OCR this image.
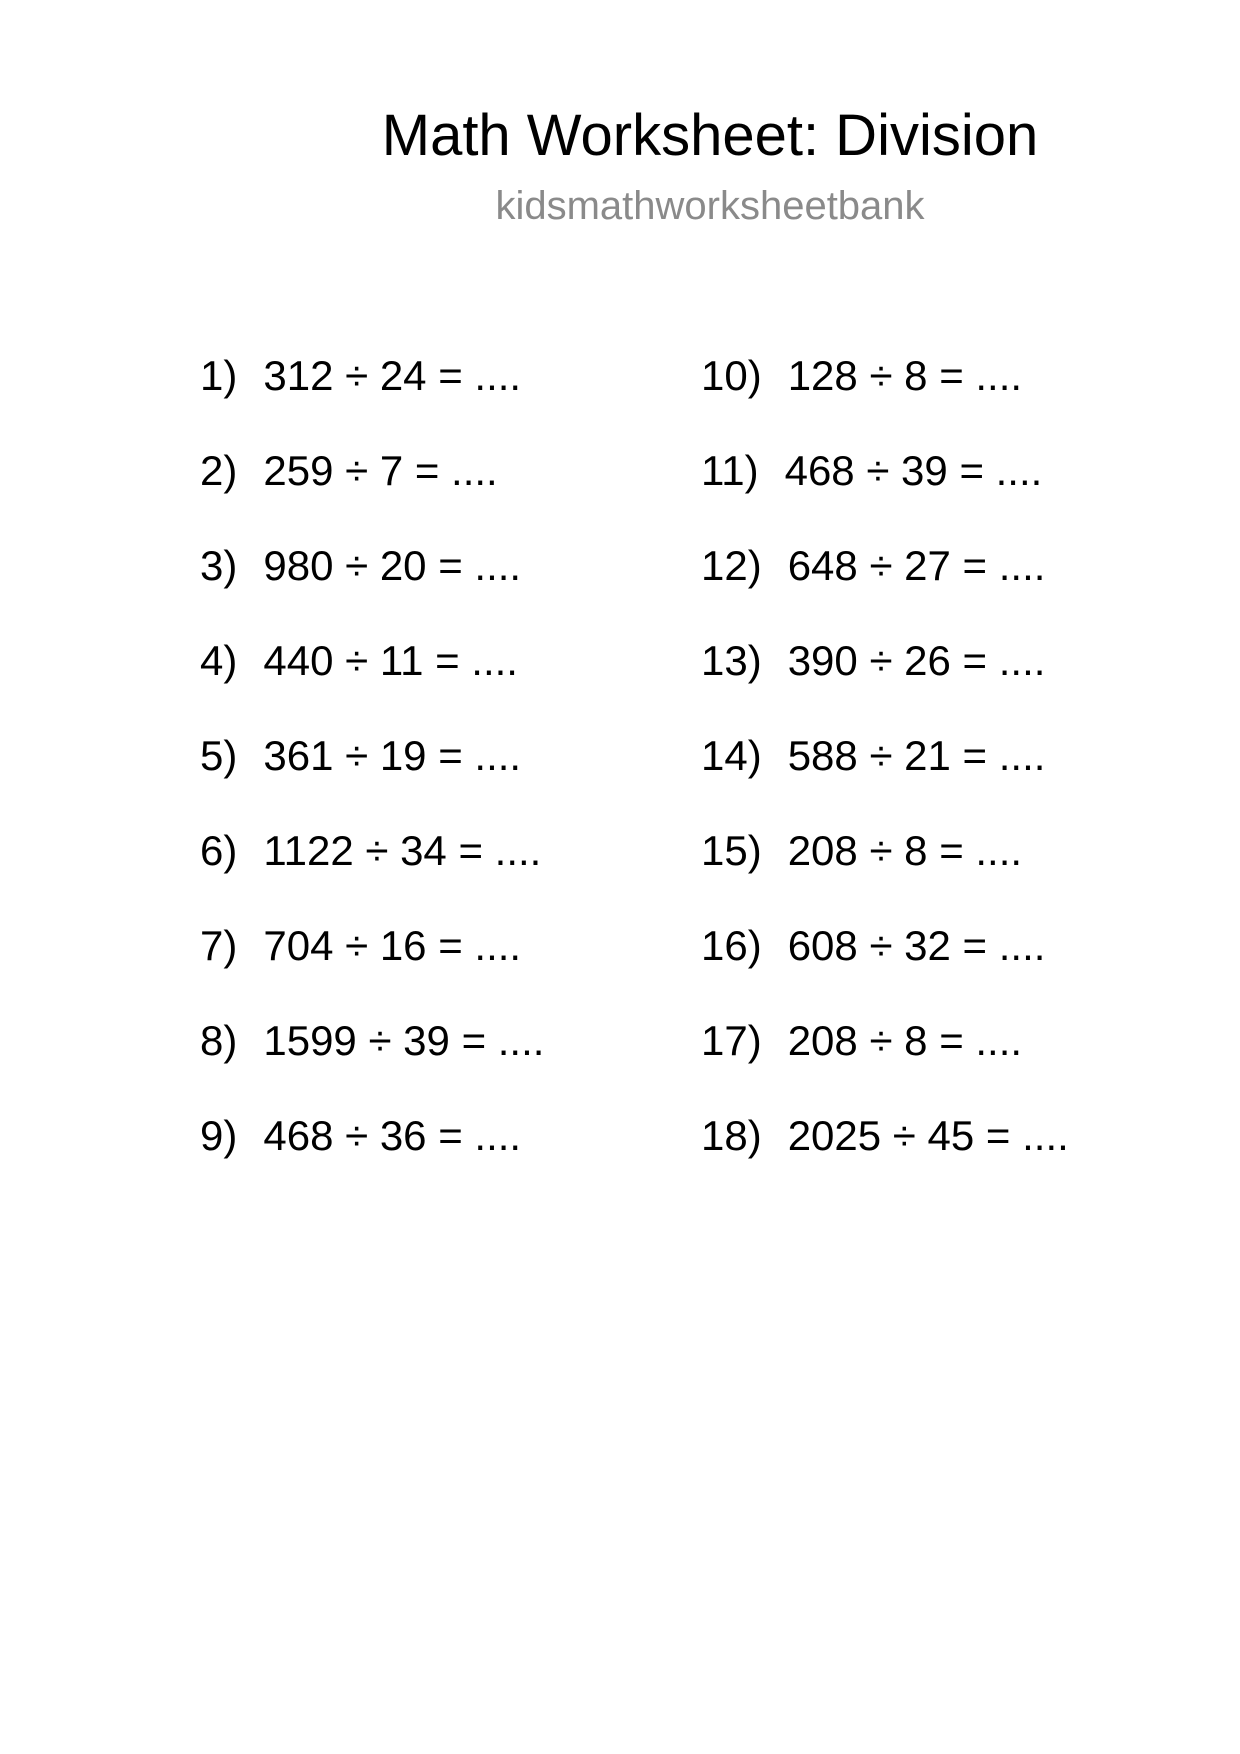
Math Worksheet: Division
kidsmathworksheetbank
1) 312 ÷ 24 = ....
2) 259 ÷ 7 = ....
3) 980 ÷ 20 = ....
4) 440 ÷ 11 = ....
5) 361 ÷ 19 = ....
6) 1122 ÷ 34 = ....
7) 704 ÷ 16 = ....
8) 1599 ÷ 39 = ....
9) 468 ÷ 36 = ....
10) 128 ÷ 8 = ....
11) 468 ÷ 39 = ....
12) 648 ÷ 27 = ....
13) 390 ÷ 26 = ....
14) 588 ÷ 21 = ....
15) 208 ÷ 8 = ....
16) 608 ÷ 32 = ....
17) 208 ÷ 8 = ....
18) 2025 ÷ 45 = ....
